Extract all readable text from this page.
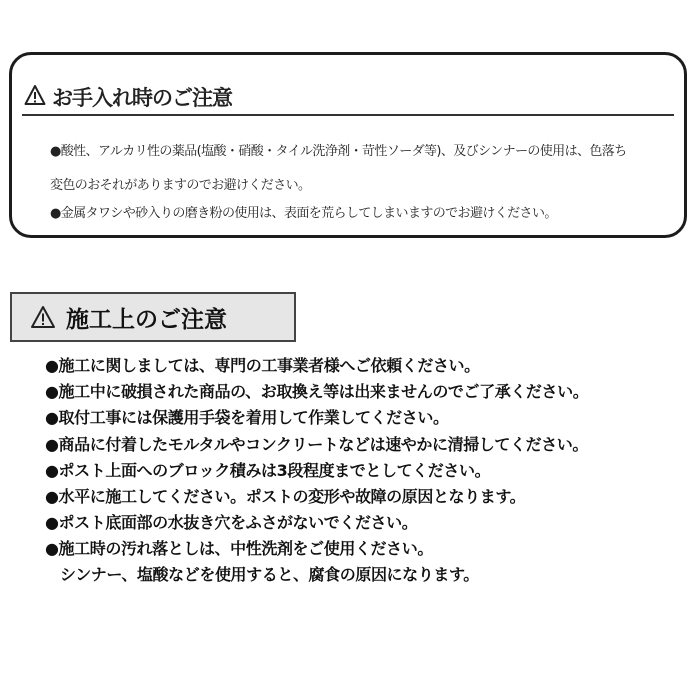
お手入れ時のご注意
●酸性、アルカリ性の薬品(塩酸・硝酸・タイル洗浄剤・苛性ソーダ等)、及びシンナーの使用は、色落ち
変色のおそれがありますのでお避けください。
●金属タワシや砂入りの磨き粉の使用は、表面を荒らしてしまいますのでお避けください。
施工上のご注意
●施工に関しましては、専門の工事業者様へご依頼ください。
●施工中に破損された商品の、お取換え等は出来ませんのでご了承ください。
●取付工事には保護用手袋を着用して作業してください。
●商品に付着したモルタルやコンクリートなどは速やかに清掃してください。
●ポスト上面へのブロック積みは3段程度までとしてください。
●水平に施工してください。ポストの変形や故障の原因となります。
●ポスト底面部の水抜き穴をふさがないでください。
●施工時の汚れ落としは、中性洗剤をご使用ください。
シンナー、塩酸などを使用すると、腐食の原因になります。
